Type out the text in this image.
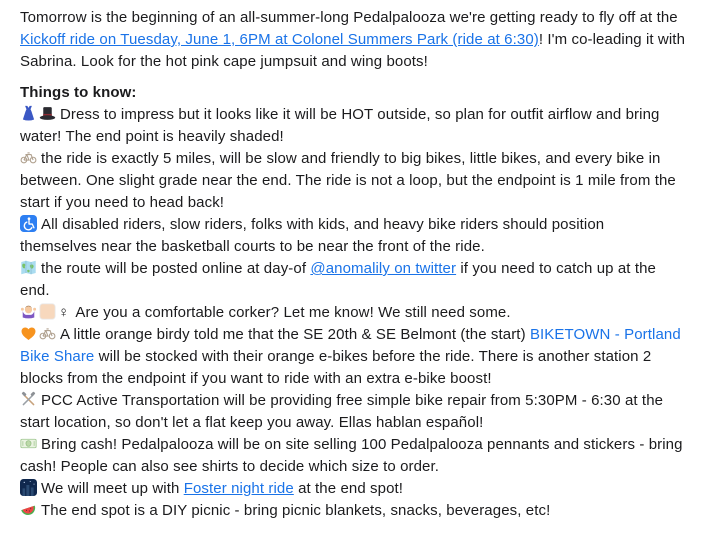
Tomorrow is the beginning of an all-summer-long Pedalpalooza we're getting ready to fly off at the Kickoff ride on Tuesday, June 1, 6PM at Colonel Summers Park (ride at 6:30)! I'm co-leading it with Sabrina. Look for the hot pink cape jumpsuit and wing boots!

Things to know:

Dress to impress but it looks like it will be HOT outside, so plan for outfit airflow and bring water! The end point is heavily shaded!

the ride is exactly 5 miles, will be slow and friendly to big bikes, little bikes, and every bike in between. One slight grade near the end. The ride is not a loop, but the endpoint is 1 mile from the start if you need to head back!

All disabled riders, slow riders, folks with kids, and heavy bike riders should position themselves near the basketball courts to be near the front of the ride.

the route will be posted online at day-of @anomalily on twitter if you need to catch up at the end.

♀ Are you a comfortable corker? Let me know! We still need some.

A little orange birdy told me that the SE 20th & SE Belmont (the start) BIKETOWN - Portland Bike Share will be stocked with their orange e-bikes before the ride. There is another station 2 blocks from the endpoint if you want to ride with an extra e-bike boost!

PCC Active Transportation will be providing free simple bike repair from 5:30PM - 6:30 at the start location, so don't let a flat keep you away. Ellas hablan español!

Bring cash! Pedalpalooza will be on site selling 100 Pedalpalooza pennants and stickers - bring cash! People can also see shirts to decide which size to order.

We will meet up with Foster night ride at the end spot!

The end spot is a DIY picnic - bring picnic blankets, snacks, beverages, etc!
